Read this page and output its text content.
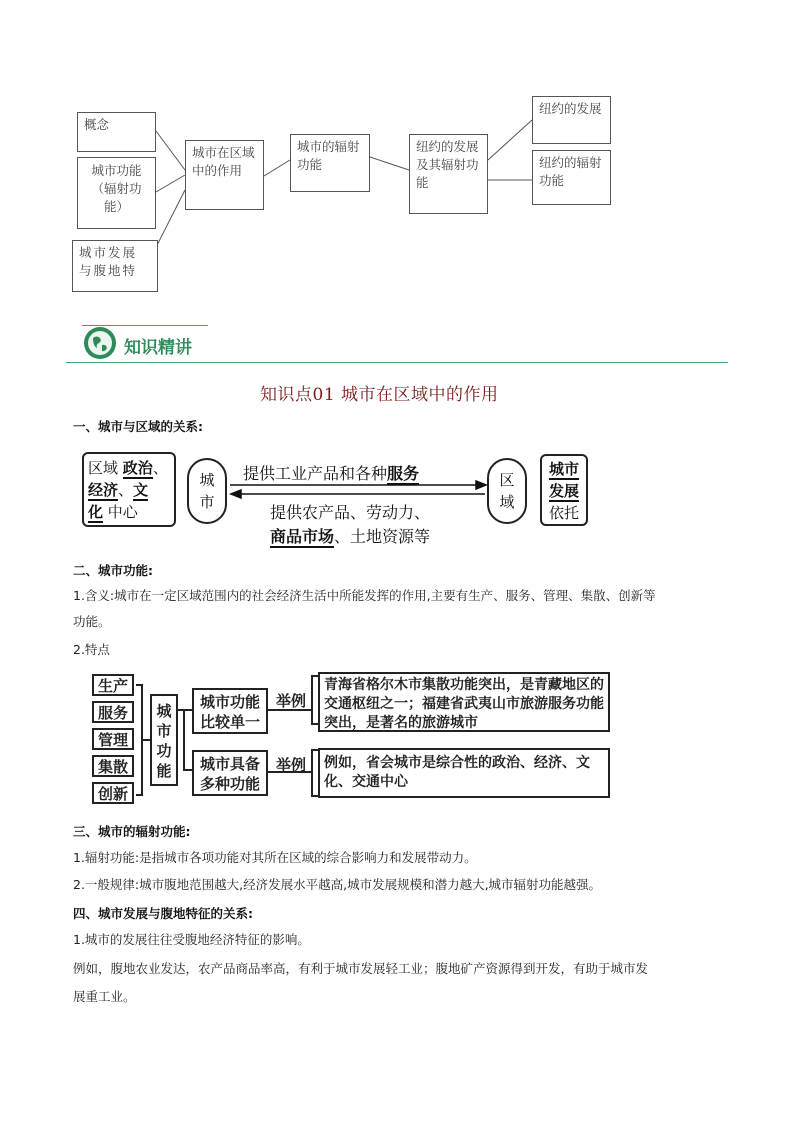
概念
城市功能（辐射功能）
城市发展与腹地特
城市在区域中的作用
城市的辐射功能
纽约的发展及其辐射功能
纽约的发展
纽约的辐射功能
知识精讲
知识点01 城市在区域中的作用
一、城市与区域的关系:
区域 政治、
经济、文
化 中心
城市
区域
城市
发展
依托
提供工业产品和各种服务
提供农产品、劳动力、
商品市场、土地资源等
二、城市功能:
1.含义:城市在一定区域范围内的社会经济生活中所能发挥的作用,主要有生产、服务、管理、集散、创新等
功能。
2.特点
生产
服务
管理
集散
创新
城市功能
城市功能比较单一
城市具备多种功能
举例
举例
青海省格尔木市集散功能突出，是青藏地区的交通枢纽之一；福建省武夷山市旅游服务功能突出，是著名的旅游城市
例如，省会城市是综合性的政治、经济、文化、交通中心
三、城市的辐射功能:
1.辐射功能:是指城市各项功能对其所在区域的综合影响力和发展带动力。
2.一般规律:城市腹地范围越大,经济发展水平越高,城市发展规模和潜力越大,城市辐射功能越强。
四、城市发展与腹地特征的关系:
1.城市的发展往往受腹地经济特征的影响。
例如，腹地农业发达，农产品商品率高，有利于城市发展轻工业；腹地矿产资源得到开发，有助于城市发
展重工业。
